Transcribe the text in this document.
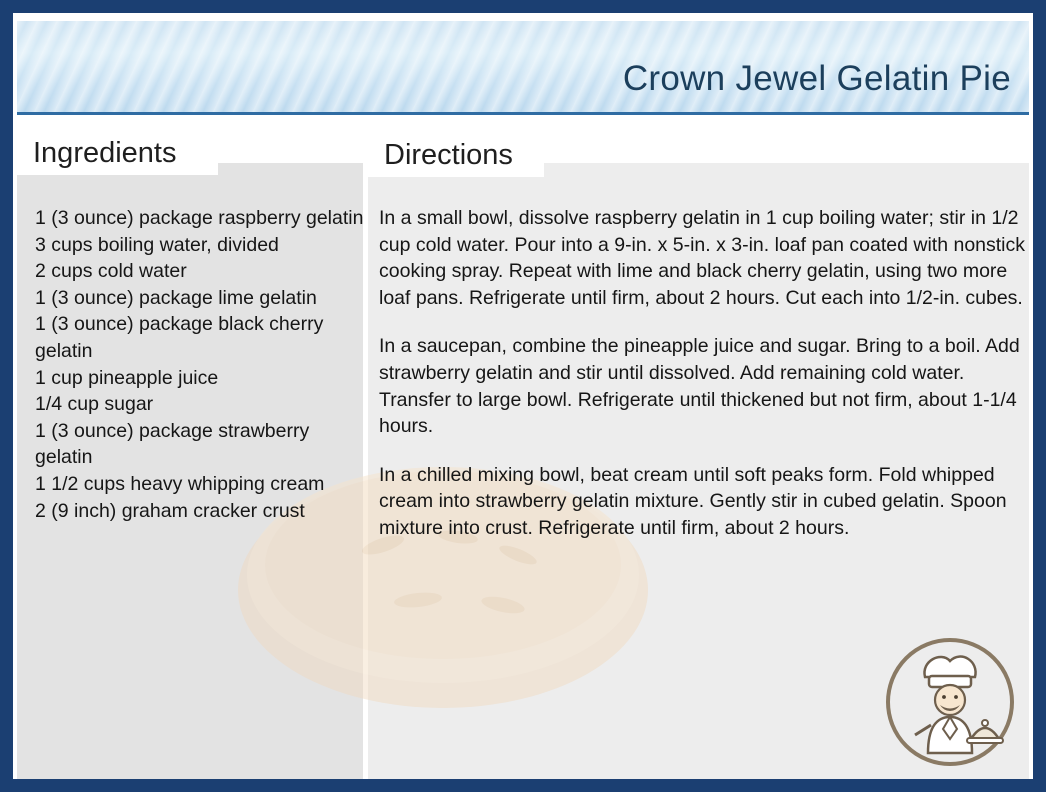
Crown Jewel Gelatin Pie
Ingredients	Directions
1 (3 ounce) package raspberry gelatin
3 cups boiling water, divided
2 cups cold water
1 (3 ounce) package lime gelatin
1 (3 ounce) package black cherry gelatin
1 cup pineapple juice
1/4 cup sugar
1 (3 ounce) package strawberry gelatin
1 1/2 cups heavy whipping cream
2 (9 inch) graham cracker crust

In a small bowl, dissolve raspberry gelatin in 1 cup boiling water; stir in 1/2 cup cold water. Pour into a 9-in. x 5-in. x 3-in. loaf pan coated with nonstick cooking spray. Repeat with lime and black cherry gelatin, using two more loaf pans. Refrigerate until firm, about 2 hours. Cut each into 1/2-in. cubes.

In a saucepan, combine the pineapple juice and sugar. Bring to a boil. Add strawberry gelatin and stir until dissolved. Add remaining cold water. Transfer to large bowl. Refrigerate until thickened but not firm, about 1-1/4 hours.

In a chilled mixing bowl, beat cream until soft peaks form. Fold whipped cream into strawberry gelatin mixture. Gently stir in cubed gelatin. Spoon mixture into crust. Refrigerate until firm, about 2 hours.
